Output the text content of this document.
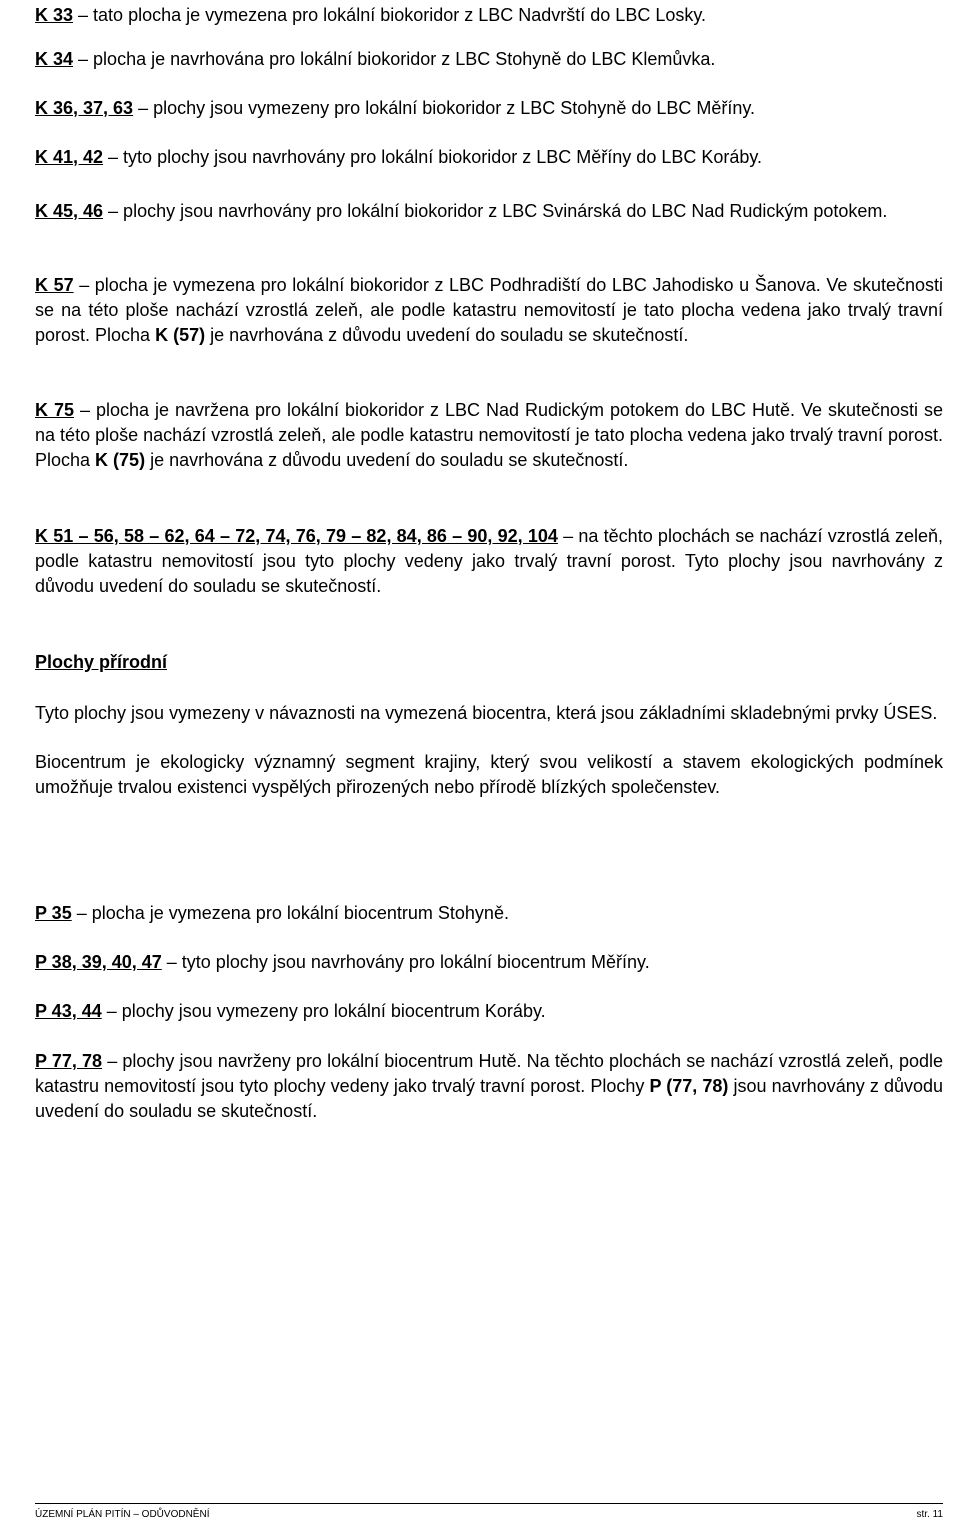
K 33 – tato plocha je vymezena pro lokální biokoridor z LBC Nadvrští do LBC Losky.

K 34 – plocha je navrhována pro lokální biokoridor z LBC Stohyně do LBC Klemůvka.

K 36, 37, 63 – plochy jsou vymezeny pro lokální biokoridor z LBC Stohyně do LBC Měříny.

K 41, 42 – tyto plochy jsou navrhovány pro lokální biokoridor z LBC Měříny do LBC Koráby.

K 45, 46 – plochy jsou navrhovány pro lokální biokoridor z LBC Svinárská do LBC Nad Rudickým potokem.

K 57 – plocha je vymezena pro lokální biokoridor z LBC Podhradiští do LBC Jahodisko u Šanova. Ve skutečnosti se na této ploše nachází vzrostlá zeleň, ale podle katastru nemovitostí je tato plocha vedena jako trvalý travní porost. Plocha K (57) je navrhována z důvodu uvedení do souladu se skutečností.

K 75 – plocha je navržena pro lokální biokoridor z LBC Nad Rudickým potokem do LBC Hutě. Ve skutečnosti se na této ploše nachází vzrostlá zeleň, ale podle katastru nemovitostí je tato plocha vedena jako trvalý travní porost. Plocha K (75) je navrhována z důvodu uvedení do souladu se skutečností.

K 51 – 56, 58 – 62, 64 – 72, 74, 76, 79 – 82, 84, 86 – 90, 92, 104 – na těchto plochách se nachází vzrostlá zeleň, podle katastru nemovitostí jsou tyto plochy vedeny jako trvalý travní porost. Tyto plochy jsou navrhovány z důvodu uvedení do souladu se skutečností.

Plochy přírodní

Tyto plochy jsou vymezeny v návaznosti na vymezená biocentra, která jsou základními skladebnými prvky ÚSES.

Biocentrum je ekologicky významný segment krajiny, který svou velikostí a stavem ekologických podmínek umožňuje trvalou existenci vyspělých přirozených nebo přírodě blízkých společenstev.

P 35 – plocha je vymezena pro lokální biocentrum Stohyně.

P 38, 39, 40, 47 – tyto plochy jsou navrhovány pro lokální biocentrum Měříny.

P 43, 44 – plochy jsou vymezeny pro lokální biocentrum Koráby.

P 77, 78 – plochy jsou navrženy pro lokální biocentrum Hutě. Na těchto plochách se nachází vzrostlá zeleň, podle katastru nemovitostí jsou tyto plochy vedeny jako trvalý travní porost. Plochy P (77, 78) jsou navrhovány z důvodu uvedení do souladu se skutečností.

ÚZEMNÍ PLÁN PITÍN – ODŮVODNĚNÍ	str. 11
